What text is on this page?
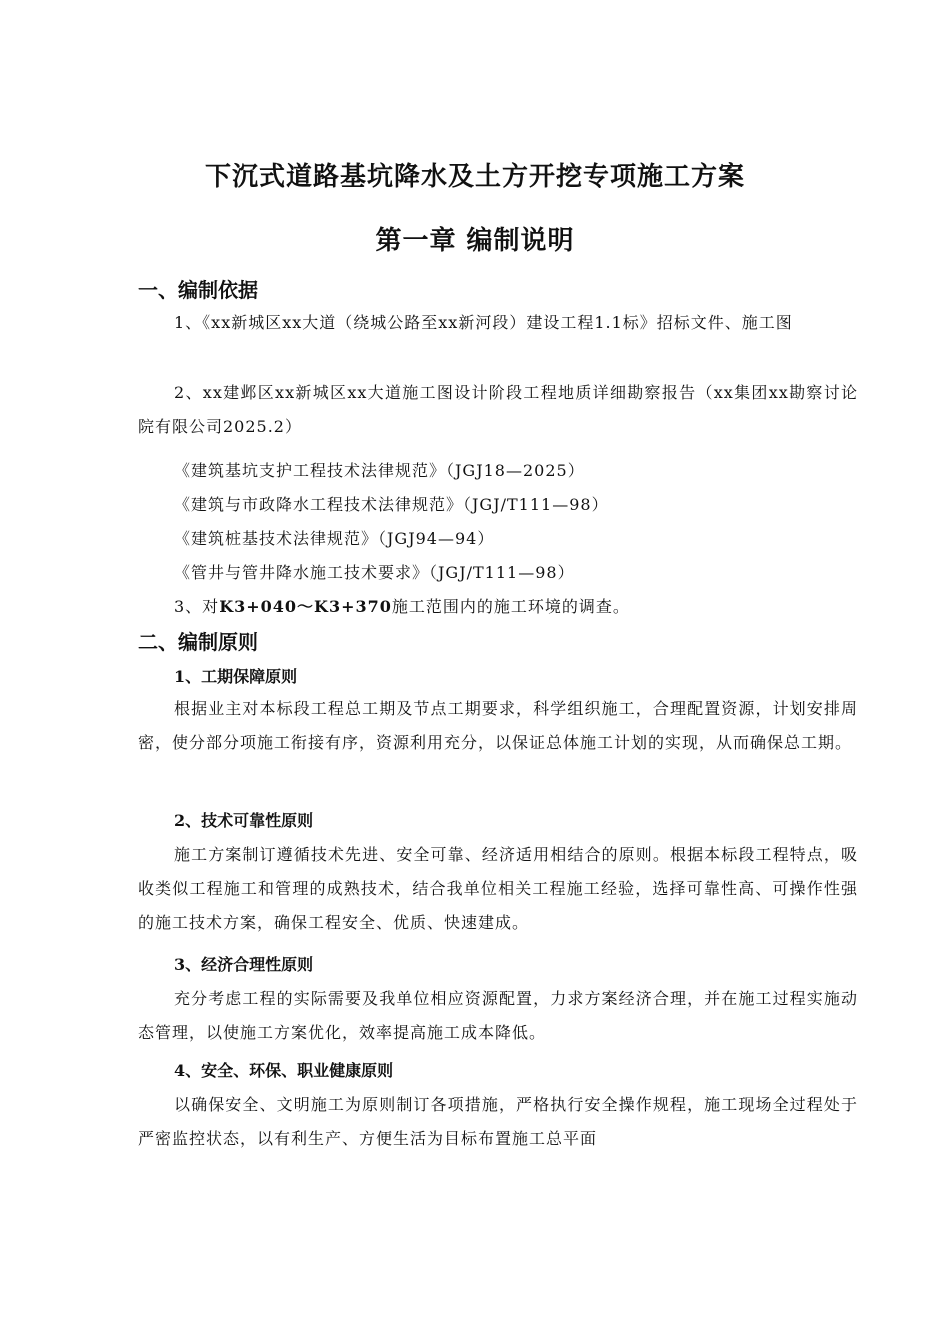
下沉式道路基坑降水及土方开挖专项施工方案
第一章 编制说明
一、编制依据
1、《xx新城区xx大道（绕城公路至xx新河段）建设工程1.1标》招标文件、施工图
2、xx建邺区xx新城区xx大道施工图设计阶段工程地质详细勘察报告（xx集团xx勘察讨论院有限公司2025.2）
《建筑基坑支护工程技术法律规范》（JGJ18—2025）
《建筑与市政降水工程技术法律规范》（JGJ/T111—98）
《建筑桩基技术法律规范》（JGJ94—94）
《管井与管井降水施工技术要求》（JGJ/T111—98）
3、对K3+040～K3+370施工范围内的施工环境的调查。
二、编制原则
1、工期保障原则
根据业主对本标段工程总工期及节点工期要求，科学组织施工，合理配置资源，计划安排周密，使分部分项施工衔接有序，资源利用充分，以保证总体施工计划的实现，从而确保总工期。
2、技术可靠性原则
施工方案制订遵循技术先进、安全可靠、经济适用相结合的原则。根据本标段工程特点，吸收类似工程施工和管理的成熟技术，结合我单位相关工程施工经验，选择可靠性高、可操作性强的施工技术方案，确保工程安全、优质、快速建成。
3、经济合理性原则
充分考虑工程的实际需要及我单位相应资源配置，力求方案经济合理，并在施工过程实施动态管理，以使施工方案优化，效率提高施工成本降低。
4、安全、环保、职业健康原则
以确保安全、文明施工为原则制订各项措施，严格执行安全操作规程，施工现场全过程处于严密监控状态，以有利生产、方便生活为目标布置施工总平面
